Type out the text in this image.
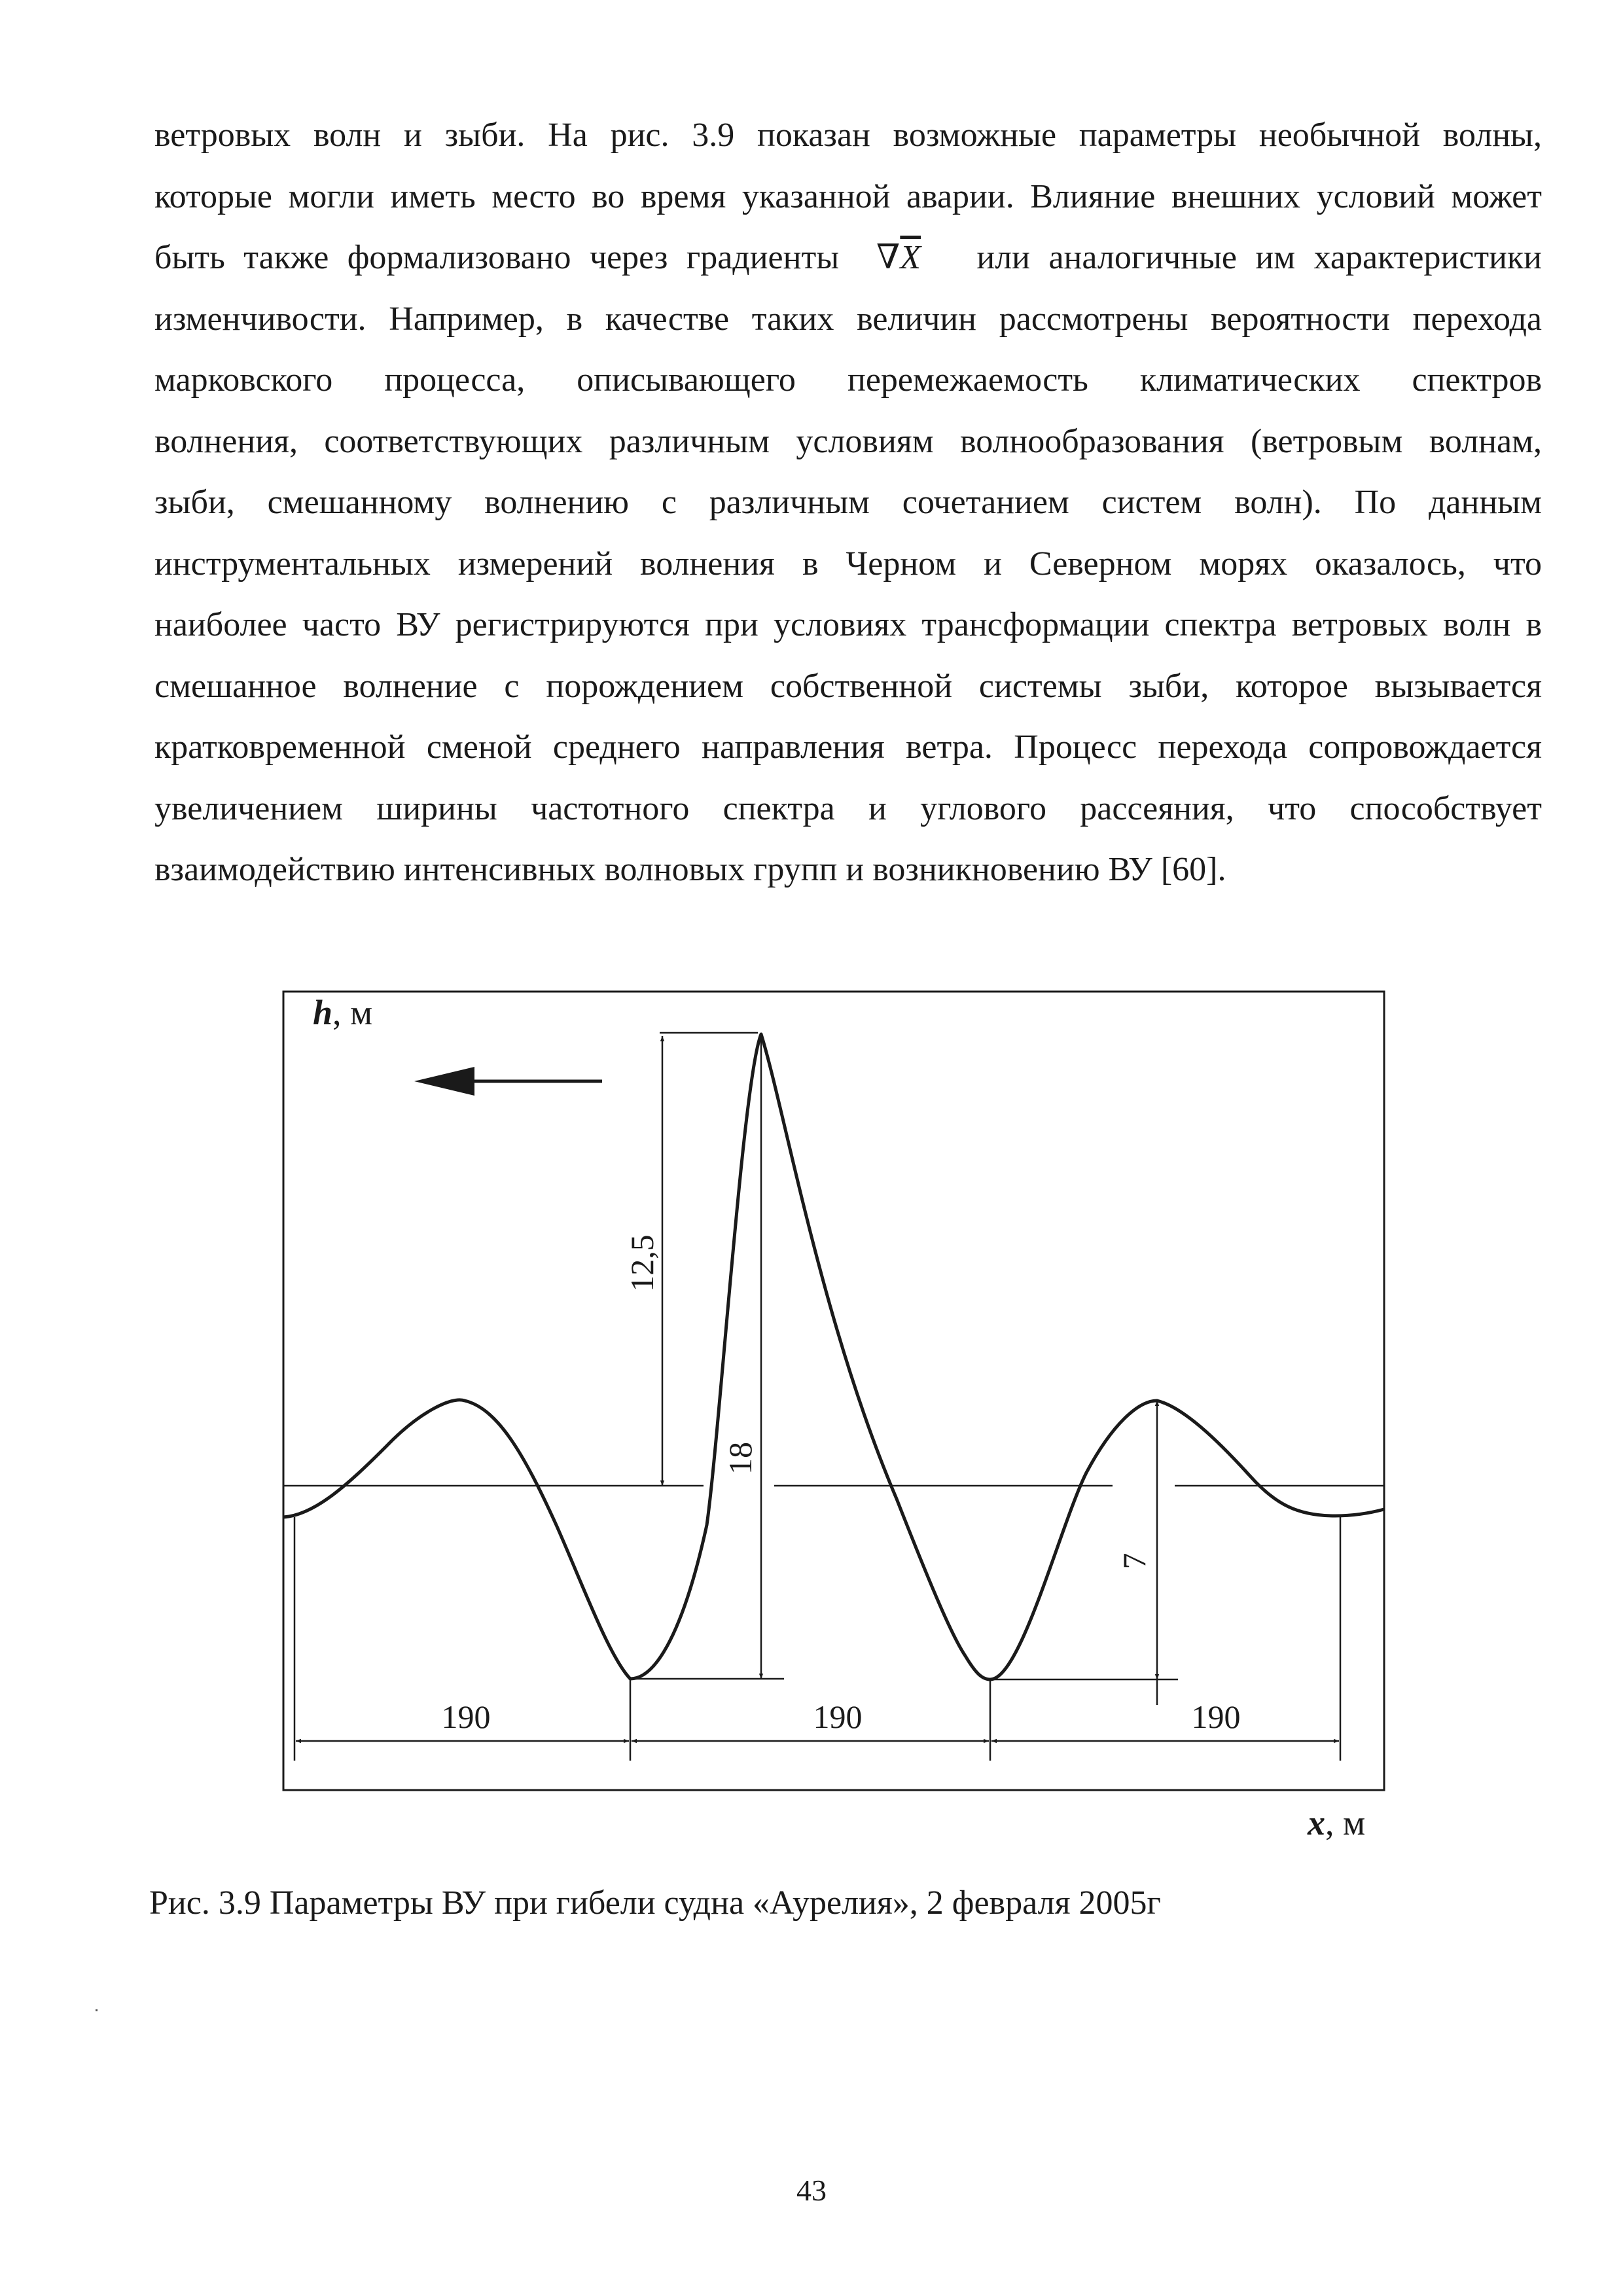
ветровых волн и зыби. На рис. 3.9 показан возможные параметры необычной волны,
которые могли иметь место во время указанной аварии. Влияние внешних условий может
быть также формализовано через градиенты $\nabla\overline{X}$ или аналогичные им характеристики
изменчивости. Например, в качестве таких величин рассмотрены вероятности перехода
марковского процесса, описывающего перемежаемость климатических спектров
волнения, соответствующих различным условиям волнообразования (ветровым волнам,
зыби, смешанному волнению с различным сочетанием систем волн). По данным
инструментальных измерений волнения в Черном и Северном морях оказалось, что
наиболее часто ВУ регистрируются при условиях трансформации спектра ветровых волн в
смешанное волнение с порождением собственной системы зыби, которое вызывается
кратковременной сменой среднего направления ветра. Процесс перехода сопровождается
увеличением ширины частотного спектра и углового рассеяния, что способствует
взаимодействию интенсивных волновых групп и возникновению ВУ [60].
12,5
18
7
190	190	190
h, м
x, м

Рис. 3.9 Параметры ВУ при гибели судна «Аурелия», 2 февраля 2005г

43
